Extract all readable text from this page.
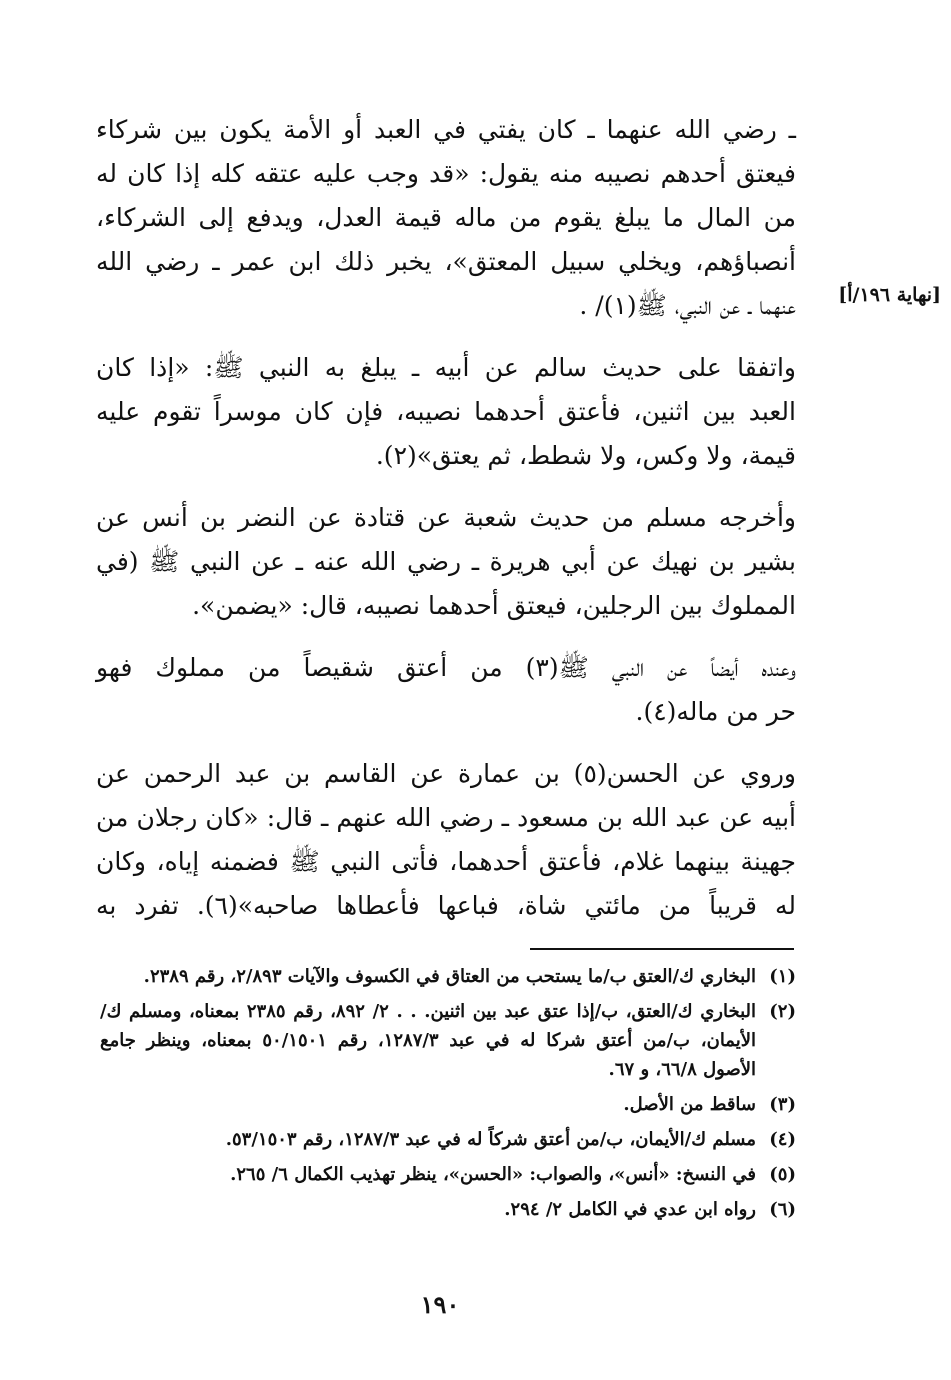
ـ رضي الله عنهما ـ كان يفتي في العبد أو الأمة يكون بين شركاء
فيعتق أحدهم نصيبه منه يقول: «قد وجب عليه عتقه كله إذا كان له
من المال ما يبلغ يقوم من ماله قيمة العدل، ويدفع إلى الشركاء،
أنصباؤهم، ويخلي سبيل المعتق»، يخبر ذلك ابن عمر ـ رضي الله
عنهما ـ عن النبي، ﷺ(١)/ .
واتفقا على حديث سالم عن أبيه ـ يبلغ به النبي ﷺ: «إذا كان
العبد بين اثنين، فأعتق أحدهما نصيبه، فإن كان موسراً تقوم عليه
قيمة، ولا وكس، ولا شطط، ثم يعتق»(٢).
وأخرجه مسلم من حديث شعبة عن قتادة عن النضر بن أنس عن
بشير بن نهيك عن أبي هريرة ـ رضي الله عنه ـ عن النبي ﷺ (في
المملوك بين الرجلين، فيعتق أحدهما نصيبه، قال: «يضمن».
وعنده أيضاً عن النبي ﷺ(٣) من أعتق شقيصاً من مملوك فهو
حر من ماله(٤).
وروي عن الحسن(٥) بن عمارة عن القاسم بن عبد الرحمن عن
أبيه عن عبد الله بن مسعود ـ رضي الله عنهم ـ قال: «كان رجلان من
جهينة بينهما غلام، فأعتق أحدهما، فأتى النبي ﷺ فضمنه إياه، وكان
له قريباً من مائتي شاة، فباعها فأعطاها صاحبه»(٦). تفرد به
[نهاية ١٩٦/أ]
(١)
البخاري ك/العتق ب/ما يستحب من العتاق في الكسوف والآيات ٢/٨٩٣، رقم ٢٣٨٩.
(٢)
البخاري ك/العتق، ب/إذا عتق عبد بين اثنين. . . ٢/ ٨٩٢، رقم ٢٣٨٥ بمعناه، ومسلم ك/الأيمان، ب/من أعتق شركا له في عبد ١٢٨٧/٣، رقم ٥٠/١٥٠١ بمعناه، وينظر جامع الأصول ٦٦/٨، و ٦٧.
(٣)
ساقط من الأصل.
(٤)
مسلم ك/الأيمان، ب/من أعتق شركاً له في عبد ١٢٨٧/٣، رقم ٥٣/١٥٠٣.
(٥)
في النسخ: «أنس»، والصواب: «الحسن»، ينظر تهذيب الكمال ٦/ ٢٦٥.
(٦)
رواه ابن عدي في الكامل ٢/ ٢٩٤.
١٩٠
